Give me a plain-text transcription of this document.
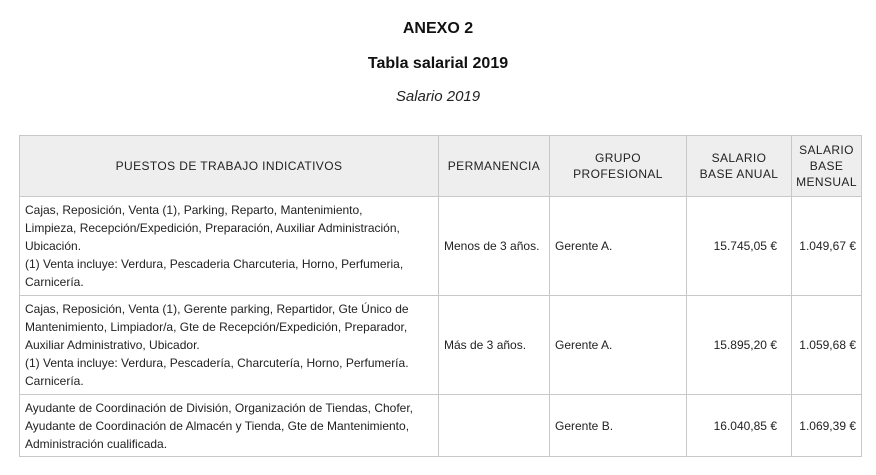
ANEXO 2
Tabla salarial 2019
Salario 2019
PUESTOS DE TRABAJO INDICATIVOS	PERMANENCIA	GRUPO PROFESIONAL	SALARIO BASE ANUAL	SALARIO BASE MENSUAL

Cajas, Reposición, Venta (1), Parking, Reparto, Mantenimiento,
Limpieza, Recepción/Expedición, Preparación, Auxiliar Administración,
Ubicación.
(1) Venta incluye: Verdura, Pescaderia Charcuteria, Horno, Perfumeria,
Carnicería.	Menos de 3 años.	Gerente A.	15.745,05 €	1.049,67 €

Cajas, Reposición, Venta (1), Gerente parking, Repartidor, Gte Único de
Mantenimiento, Limpiador/a, Gte de Recepción/Expedición, Preparador,
Auxiliar Administrativo, Ubicador.
(1) Venta incluye: Verdura, Pescadería, Charcutería, Horno, Perfumería.
Carnicería.	Más de 3 años.	Gerente A.	15.895,20 €	1.059,68 €

Ayudante de Coordinación de División, Organización de Tiendas, Chofer,
Ayudante de Coordinación de Almacén y Tienda, Gte de Mantenimiento,
Administración cualificada.		Gerente B.	16.040,85 €	1.069,39 €
